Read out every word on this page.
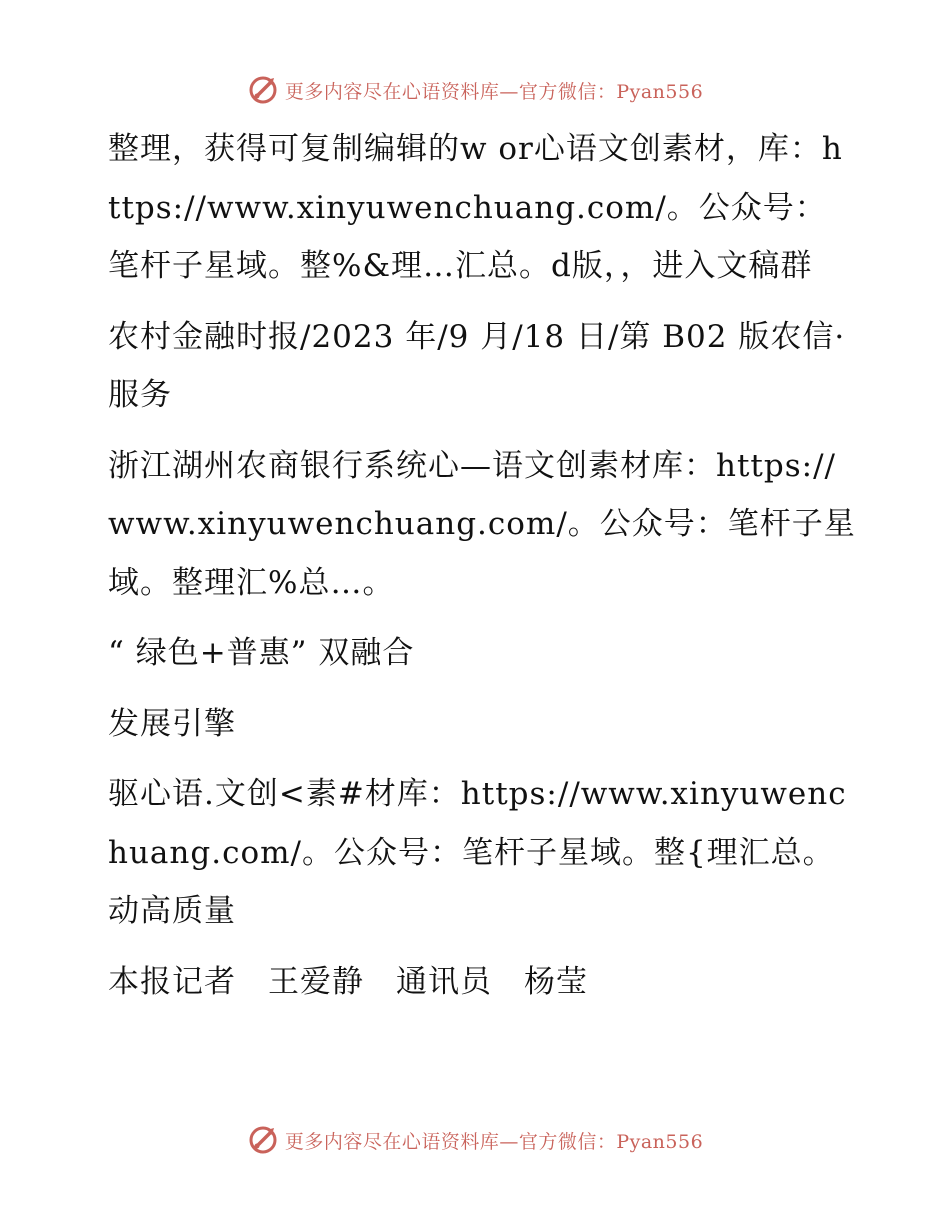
更多内容尽在心语资料库—官方微信：Pyan556

整理，获得可复制编辑的w or心语文创素材，库：https://www.xinyuwenchuang.com/。公众号：笔杆子星域。整%&理…汇总。d版，，进入文稿群

农村金融时报/2023 年/9 月/18 日/第 B02 版农信· 服务

浙江湖州农商银行系统心—语文创素材库：https://www.xinyuwenchuang.com/。公众号：笔杆子星域。整理汇%总…。

“ 绿色+普惠” 双融合

发展引擎

驱心语.文创<素#材库：https://www.xinyuwenchuang.com/。公众号：笔杆子星域。整{理汇总。动高质量

本报记者　王爱静　通讯员　杨莹

更多内容尽在心语资料库—官方微信：Pyan556
